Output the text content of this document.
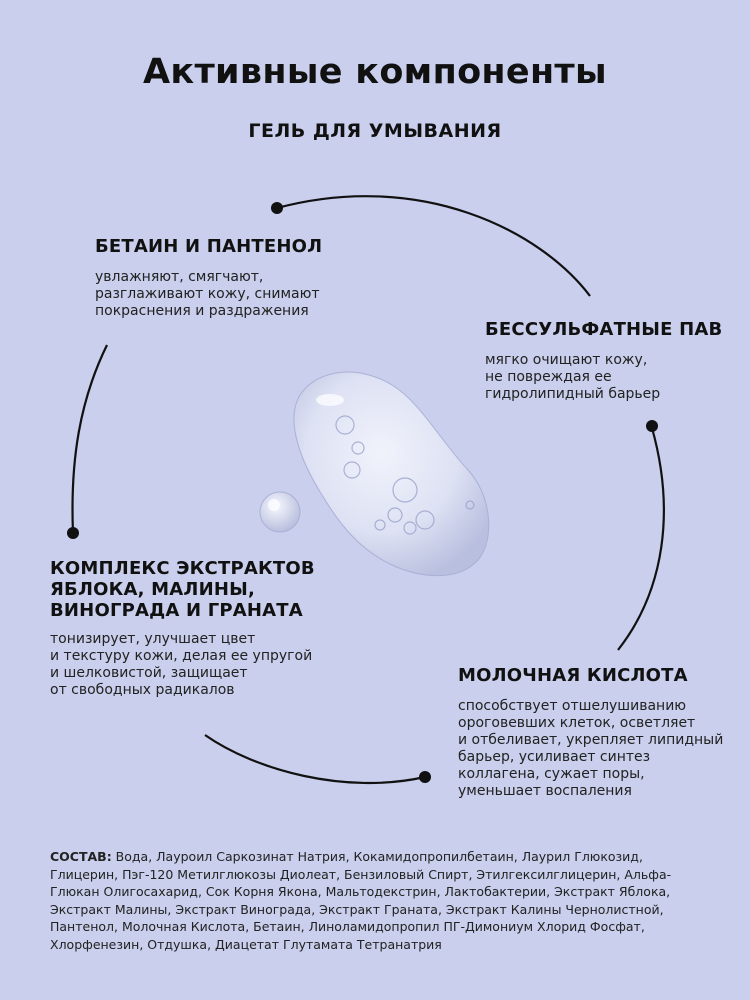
Активные компоненты
ГЕЛЬ ДЛЯ УМЫВАНИЯ
БЕТАИН И ПАНТЕНОЛ
увлажняют, смягчают,
разглаживают кожу, снимают
покраснения и раздражения
БЕССУЛЬФАТНЫЕ ПАВ
мягко очищают кожу,
не повреждая ее
гидролипидный барьер
КОМПЛЕКС ЭКСТРАКТОВ
ЯБЛОКА, МАЛИНЫ,
ВИНОГРАДА И ГРАНАТА
тонизирует, улучшает цвет
и текстуру кожи, делая ее упругой
и шелковистой, защищает
от свободных радикалов
МОЛОЧНАЯ КИСЛОТА
способствует отшелушиванию
ороговевших клеток, осветляет
и отбеливает, укрепляет липидный
барьер, усиливает синтез
коллагена, сужает поры,
уменьшает воспаления
СОСТАВ: Вода, Лауроил Саркозинат Натрия, Кокамидопропилбетаин, Лаурил Глюкозид,
Глицерин, Пэг-120 Метилглюкозы Диолеат, Бензиловый Спирт, Этилгексилглицерин, Альфа-
Глюкан Олигосахарид, Сок Корня Якона, Мальтодекстрин, Лактобактерии, Экстракт Яблока,
Экстракт Малины, Экстракт Винограда, Экстракт Граната, Экстракт Калины Чернолистной,
Пантенол, Молочная Кислота, Бетаин, Линоламидопропил ПГ-Димониум Хлорид Фосфат,
Хлорфенезин, Отдушка, Диацетат Глутамата Тетранатрия
